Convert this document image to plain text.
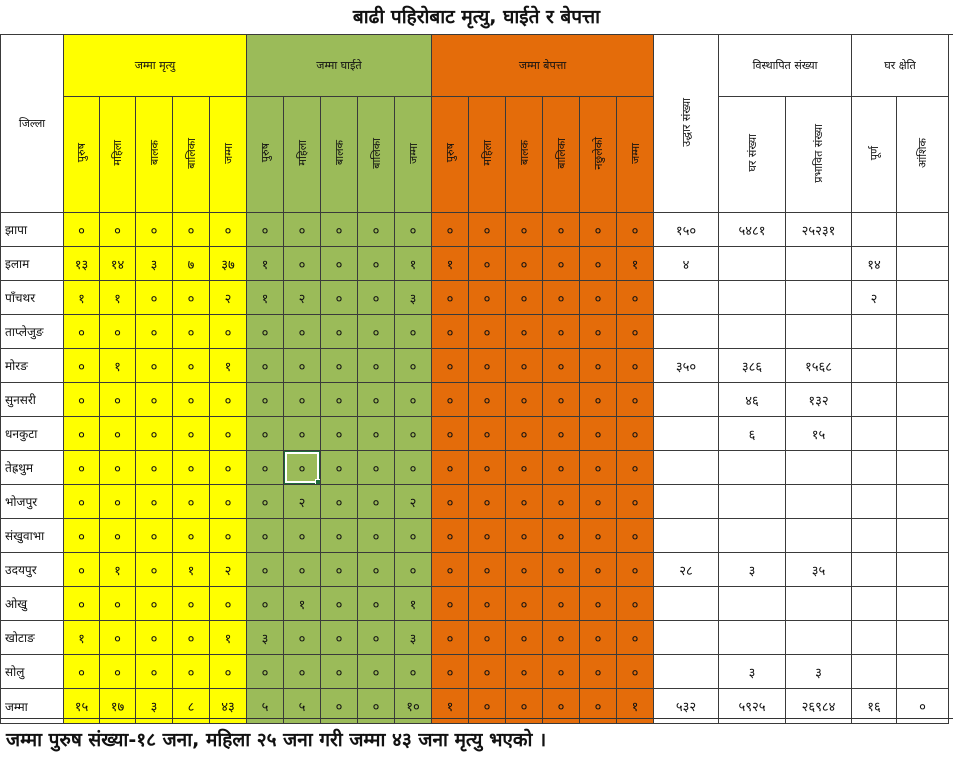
बाढी पहिरोबाट मृत्यु, घाईते र बेपत्ता
जिल्ला	जम्मा मृत्यु					जम्मा घाईते					जम्मा बेपत्ता						उद्धार संख्या	विस्थापित संख्या		घर क्षेति	
	पुरुष	महिला	बालक	बालिका	जम्मा	पुरुष	महिला	बालक	बालिका	जम्मा	पुरुष	महिला	बालक	बालिका	नछुलेको	जम्मा		घर संख्या	प्रभावित संख्या	पूर्ण	आंशिक
झापा	०	०	०	०	०	०	०	०	०	०	०	०	०	०	०	०	१५०	५४८१	२५२३१		
इलाम	१३	१४	३	७	३७	१	०	०	०	१	१	०	०	०	०	१	४			१४	
पाँचथर	१	१	०	०	२	१	२	०	०	३	०	०	०	०	०	०				२	
ताप्लेजुङ	०	०	०	०	०	०	०	०	०	०	०	०	०	०	०	०					
मोरङ	०	१	०	०	१	०	०	०	०	०	०	०	०	०	०	०	३५०	३८६	१५६८		
सुनसरी	०	०	०	०	०	०	०	०	०	०	०	०	०	०	०	०		४६	१३२		
धनकुटा	०	०	०	०	०	०	०	०	०	०	०	०	०	०	०	०		६	१५		
तेह्रथुम	०	०	०	०	०	०	०	०	०	०	०	०	०	०	०	०					
भोजपुर	०	०	०	०	०	०	२	०	०	२	०	०	०	०	०	०					
संखुवाभा	०	०	०	०	०	०	०	०	०	०	०	०	०	०	०	०					
उदयपुर	०	१	०	१	२	०	०	०	०	०	०	०	०	०	०	०	२८	३	३५		
ओखु	०	०	०	०	०	०	१	०	०	१	०	०	०	०	०	०					
खोटाङ	१	०	०	०	१	३	०	०	०	३	०	०	०	०	०	०					
सोलु	०	०	०	०	०	०	०	०	०	०	०	०	०	०	०	०		३	३		
जम्मा	१५	१७	३	८	४३	५	५	०	०	१०	१	०	०	०	०	१	५३२	५९२५	२६९८४	१६	०
जम्मा पुरुष संख्या-१८ जना, महिला २५ जना गरी जम्मा ४३ जना मृत्यु भएको ।
